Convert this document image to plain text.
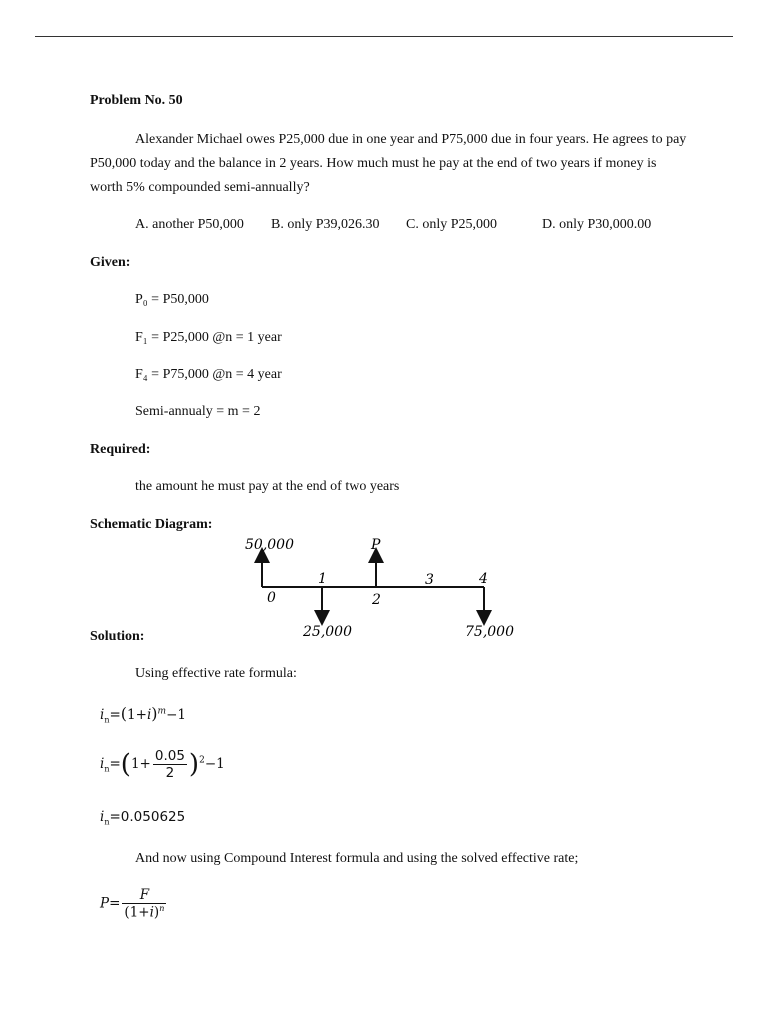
Problem No. 50
Alexander Michael owes P25,000 due in one year and P75,000 due in four years. He agrees to pay P50,000 today and the balance in 2 years. How much must he pay at the end of two years if money is worth 5% compounded semi-annually?
A. another P50,000 B. only P39,026.30 C. only P25,000	D. only P30,000.00
Given:
P₀ = P50,000
F₁ = P25,000 @n = 1 year
F₄ = P75,000 @n = 4 year
Semi-annualy = m = 2
Required:
the amount he must pay at the end of two years
Schematic Diagram:
50,000	P
25,000	75,000
0
1
2
3	4
Solution:
Using effective rate formula:
$i_n=(1+i)^m-1$
$i_n=(1+ \frac{0.05}{2} )^2-1$
$i_n=0.050625$
And now using Compound Interest formula and using the solved effective rate;
$P= \frac{F}{(1+i)^n}$
